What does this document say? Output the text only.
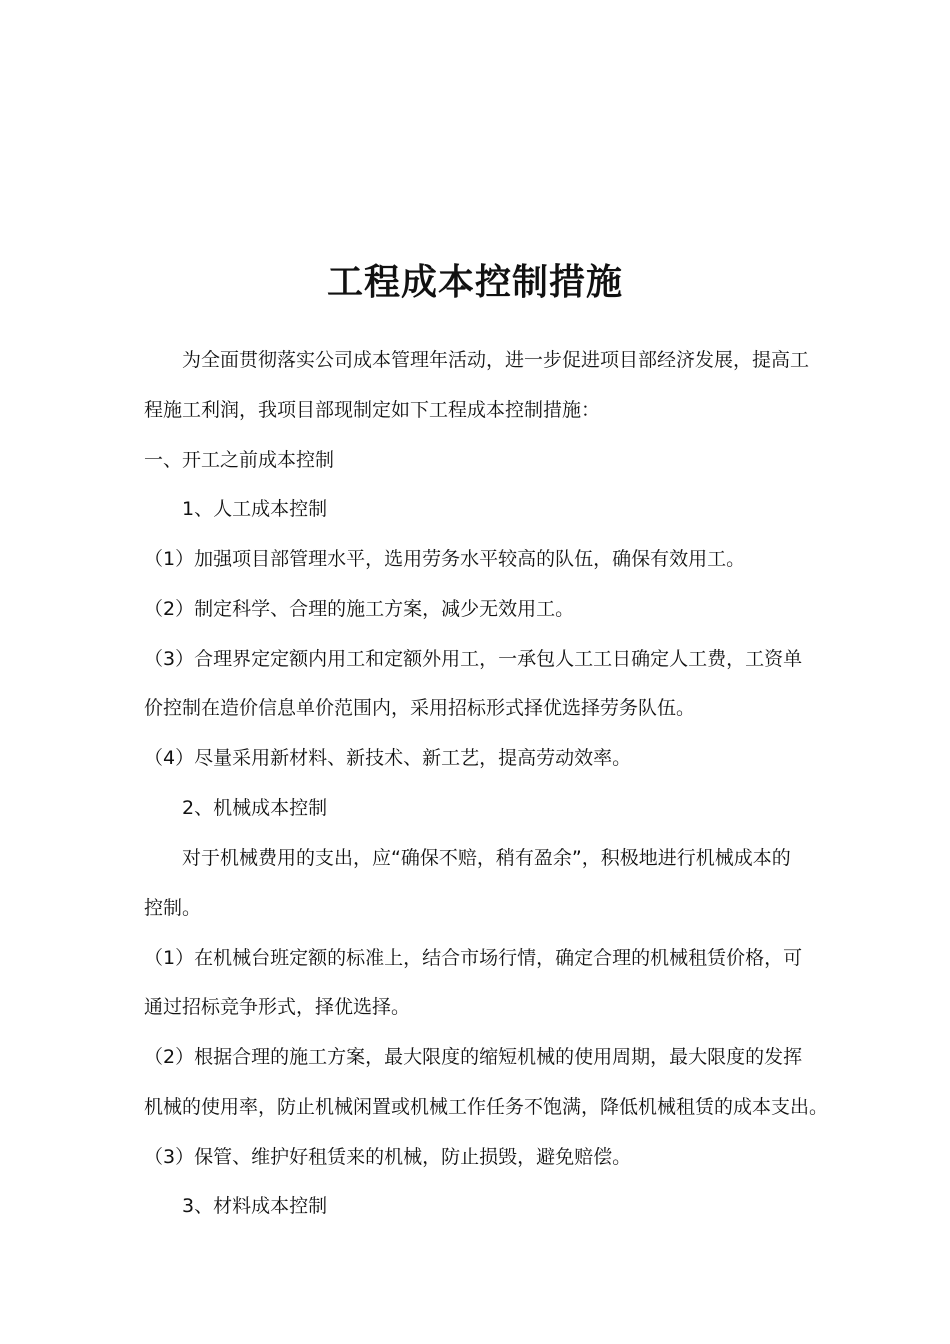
工程成本控制措施
为全面贯彻落实公司成本管理年活动，进一步促进项目部经济发展，提高工
程施工利润，我项目部现制定如下工程成本控制措施：
一、开工之前成本控制
1、人工成本控制
（1）加强项目部管理水平，选用劳务水平较高的队伍，确保有效用工。
（2）制定科学、合理的施工方案，减少无效用工。
（3）合理界定定额内用工和定额外用工，一承包人工工日确定人工费，工资单
价控制在造价信息单价范围内，采用招标形式择优选择劳务队伍。
（4）尽量采用新材料、新技术、新工艺，提高劳动效率。
2、机械成本控制
对于机械费用的支出，应“确保不赔，稍有盈余”，积极地进行机械成本的
控制。
（1）在机械台班定额的标准上，结合市场行情，确定合理的机械租赁价格，可
通过招标竞争形式，择优选择。
（2）根据合理的施工方案，最大限度的缩短机械的使用周期，最大限度的发挥
机械的使用率，防止机械闲置或机械工作任务不饱满，降低机械租赁的成本支出。
（3）保管、维护好租赁来的机械，防止损毁，避免赔偿。
3、材料成本控制
